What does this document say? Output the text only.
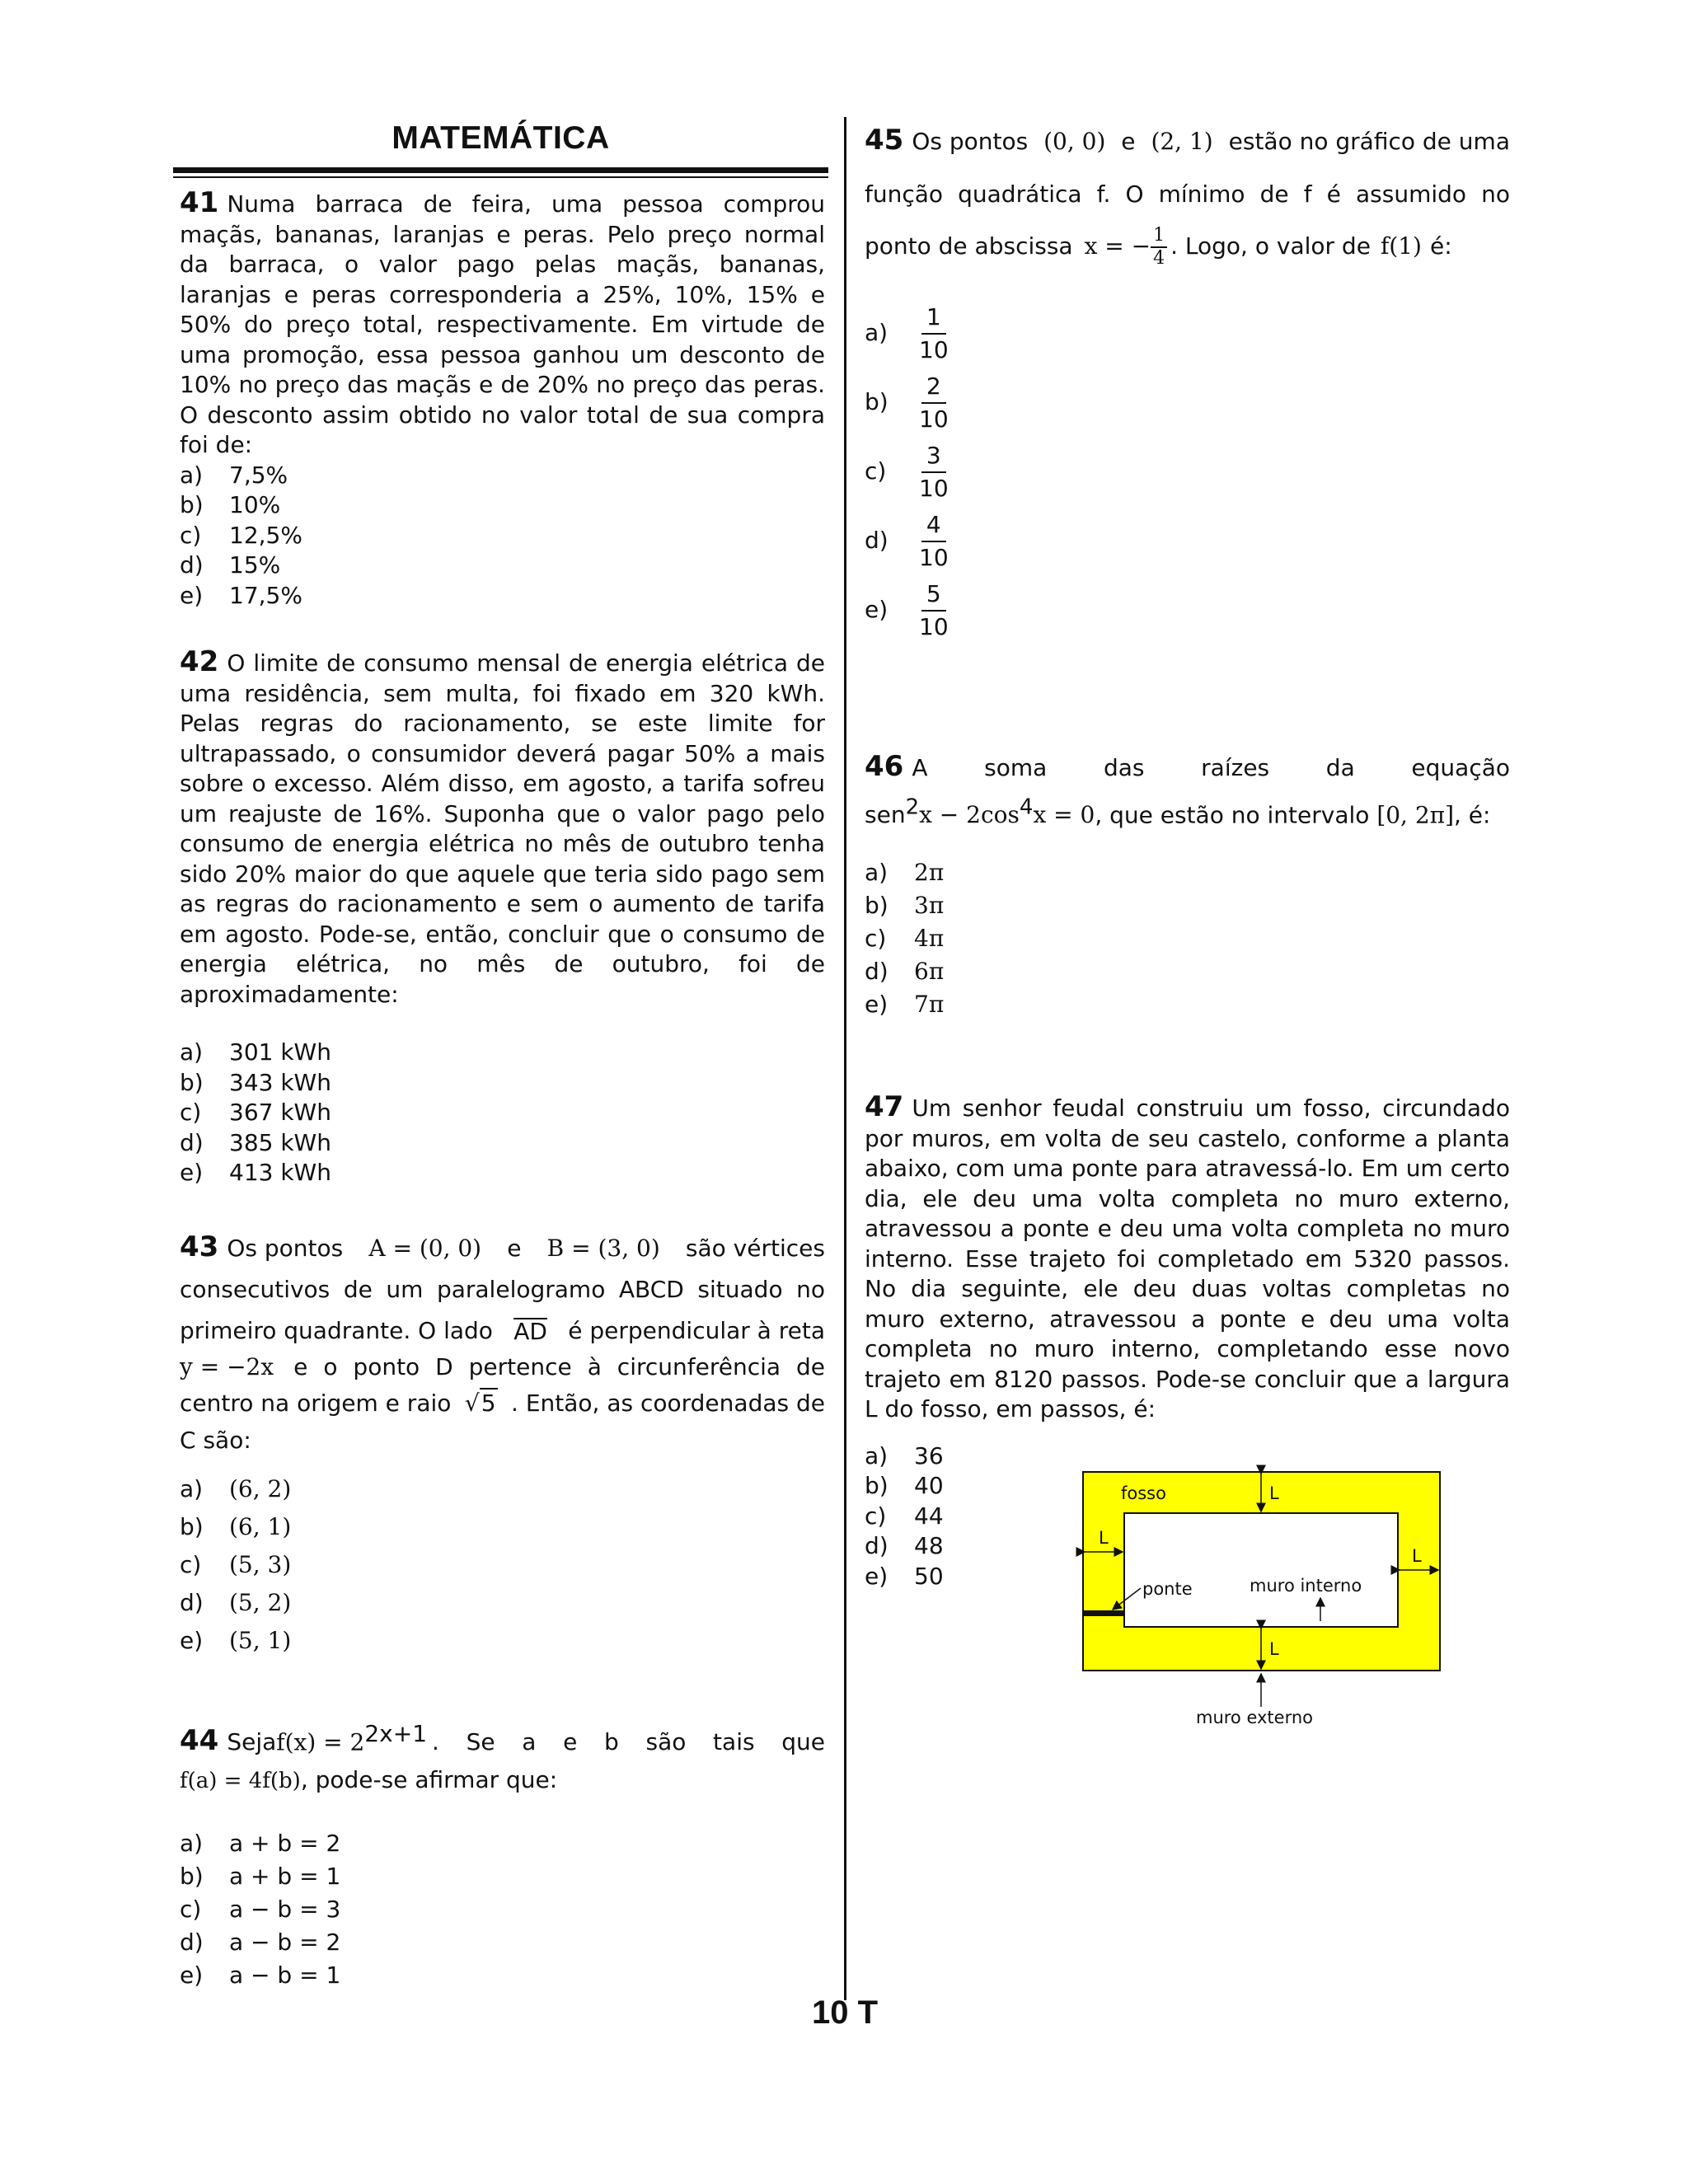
MATEMÁTICA

41 Numa barraca de feira, uma pessoa comprou maçãs, bananas, laranjas e peras. Pelo preço normal da barraca, o valor pago pelas maçãs, bananas, laranjas e peras corresponderia a 25%, 10%, 15% e 50% do preço total, respectivamente. Em virtude de uma promoção, essa pessoa ganhou um desconto de 10% no preço das maçãs e de 20% no preço das peras. O desconto assim obtido no valor total de sua compra foi de:

a)	7,5%
b)	10%
c)	12,5%
d)	15%
e)	17,5%

42 O limite de consumo mensal de energia elétrica de uma residência, sem multa, foi fixado em 320 kWh. Pelas regras do racionamento, se este limite for ultrapassado, o consumidor deverá pagar 50% a mais sobre o excesso. Além disso, em agosto, a tarifa sofreu um reajuste de 16%. Suponha que o valor pago pelo consumo de energia elétrica no mês de outubro tenha sido 20% maior do que aquele que teria sido pago sem as regras do racionamento e sem o aumento de tarifa em agosto. Pode-se, então, concluir que o consumo de energia elétrica, no mês de outubro, foi de aproximadamente:

a)	301 kWh
b)	343 kWh
c)	367 kWh
d)	385 kWh
e)	413 kWh
43 Os pontos A = (0, 0) e B = (3, 0) são vértices

consecutivos de um paralelogramo ABCD situado no

primeiro quadrante. O lado AD é perpendicular à reta
y = −2x e o ponto D pertence à circunferência de
centro na origem e raio √5 . Então, as coordenadas de

C são:

a)	(6, 2)
b)	(6, 1)
c)	(5, 3)
d)	(5, 2)
e)	(5, 1)
44 Seja $f(x) = 2^{2x+1}$ . Se a e b são tais que
f(a) = 4f(b), pode-se afirmar que:
a)	a + b = 2
b)	a + b = 1
c)	a − b = 3
d)	a − b = 2
e)	a − b = 1
45 Os pontos (0, 0) e (2, 1) estão no gráfico de uma

função quadrática f. O mínimo de f é assumido no

ponto de abscissa x = − $\frac{1}{4}$ . Logo, o valor de f(1) é:
a)	$\frac{1}{10}$
b)	$\frac{2}{10}$
c)	$\frac{3}{10}$
d)	$\frac{4}{10}$
e)	$\frac{5}{10}$
46 A soma das raízes da equação
$sen^2x - 2\cos^4x = 0$, que estão no intervalo [0, 2π], é:
a)	2π
b)	3π
c)	4π
d)	6π
e)	7π

47 Um senhor feudal construiu um fosso, circundado por muros, em volta de seu castelo, conforme a planta abaixo, com uma ponte para atravessá-lo. Em um certo dia, ele deu uma volta completa no muro externo, atravessou a ponte e deu uma volta completa no muro interno. Esse trajeto foi completado em 5320 passos. No dia seguinte, ele deu duas voltas completas no muro externo, atravessou a ponte e deu uma volta completa no muro interno, completando esse novo trajeto em 8120 passos. Pode-se concluir que a largura L do fosso, em passos, é:

a)	36
b)	40
c)	44
d)	48
e)	50
fosso	L
L
L
L
ponte	muro interno
muro externo
10 T
